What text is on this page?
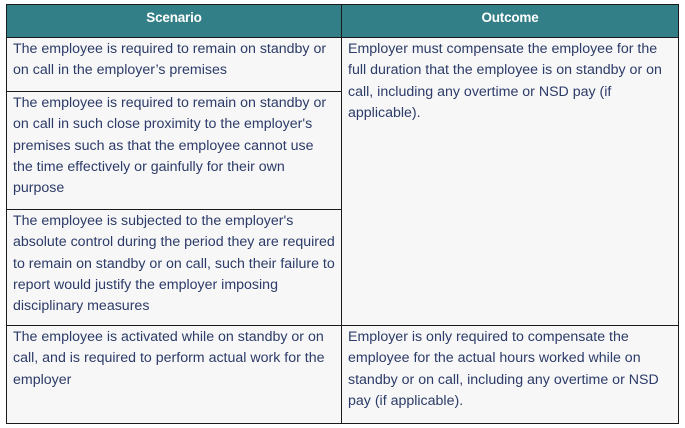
Scenario	Outcome
The employee is required to remain on standby or on call in the employer’s premises	Employer must compensate the employee for the full duration that the employee is on standby or on call, including any overtime or NSD pay (if applicable).
The employee is required to remain on standby or on call in such close proximity to the employer's premises such as that the employee cannot use the time effectively or gainfully for their own purpose	
The employee is subjected to the employer's absolute control during the period they are required to remain on standby or on call, such their failure to report would justify the employer imposing disciplinary measures	
The employee is activated while on standby or on call, and is required to perform actual work for the employer	Employer is only required to compensate the employee for the actual hours worked while on standby or on call, including any overtime or NSD pay (if applicable).
